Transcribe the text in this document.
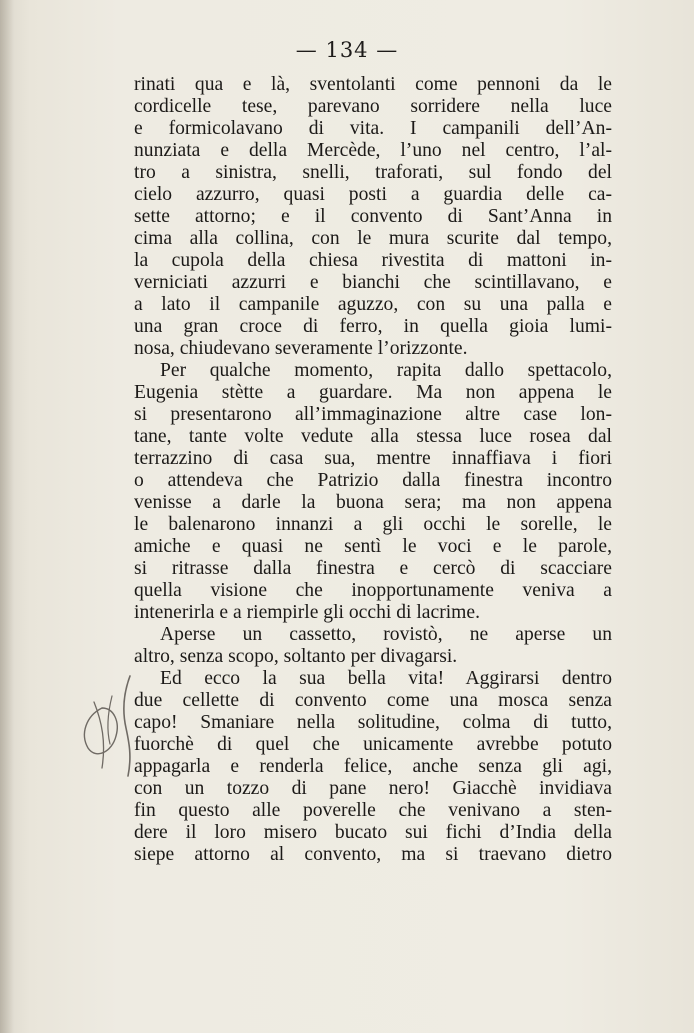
— 134 —
rinati qua e là, sventolanti come pennoni da le
cordicelle tese, parevano sorridere nella luce
e formicolavano di vita. I campanili dell’An-
nunziata e della Mercède, l’uno nel centro, l’al-
tro a sinistra, snelli, traforati, sul fondo del
cielo azzurro, quasi posti a guardia delle ca-
sette attorno; e il convento di Sant’Anna in
cima alla collina, con le mura scurite dal tempo,
la cupola della chiesa rivestita di mattoni in-
verniciati azzurri e bianchi che scintillavano, e
a lato il campanile aguzzo, con su una palla e
una gran croce di ferro, in quella gioia lumi-
nosa, chiudevano severamente l’orizzonte.
Per qualche momento, rapita dallo spettacolo,
Eugenia stètte a guardare. Ma non appena le
si presentarono all’immaginazione altre case lon-
tane, tante volte vedute alla stessa luce rosea dal
terrazzino di casa sua, mentre innaffiava i fiori
o attendeva che Patrizio dalla finestra incontro
venisse a darle la buona sera; ma non appena
le balenarono innanzi a gli occhi le sorelle, le
amiche e quasi ne sentì le voci e le parole,
si ritrasse dalla finestra e cercò di scacciare
quella visione che inopportunamente veniva a
intenerirla e a riempirle gli occhi di lacrime.
Aperse un cassetto, rovistò, ne aperse un
altro, senza scopo, soltanto per divagarsi.
Ed ecco la sua bella vita! Aggirarsi dentro
due cellette di convento come una mosca senza
capo! Smaniare nella solitudine, colma di tutto,
fuorchè di quel che unicamente avrebbe potuto
appagarla e renderla felice, anche senza gli agi,
con un tozzo di pane nero! Giacchè invidiava
fin questo alle poverelle che venivano a sten-
dere il loro misero bucato sui fichi d’India della
siepe attorno al convento, ma si traevano dietro
